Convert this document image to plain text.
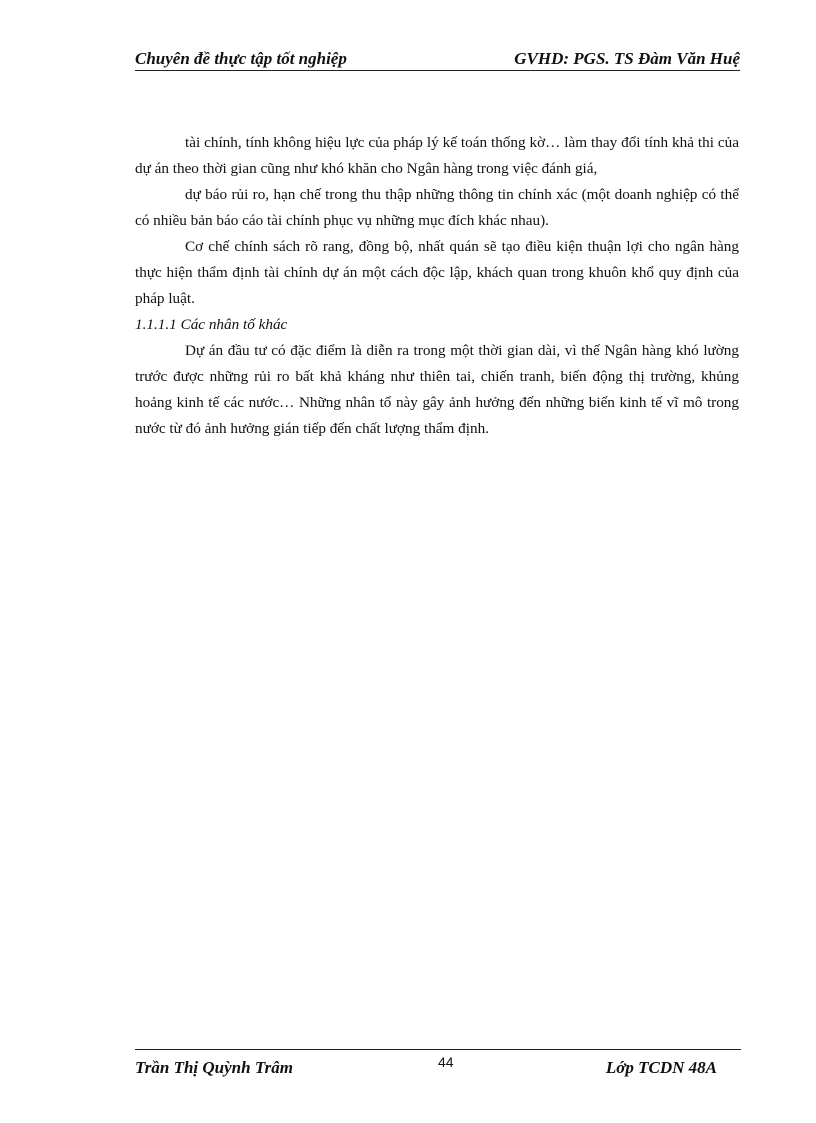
Chuyên đề thực tập tốt nghiệp	GVHD: PGS. TS Đàm Văn Huệ

tài chính, tính không hiệu lực của pháp lý kế toán thống kờ… làm thay đổi tính khả thi của dự án theo thời gian cũng như khó khăn cho Ngân hàng trong việc đánh giá,

dự báo rủi ro, hạn chế trong thu thập những thông tin chính xác (một doanh nghiệp có thể có nhiều bản báo cáo tài chính phục vụ những mục đích khác nhau).

Cơ chế chính sách rõ rang, đồng bộ, nhất quán sẽ tạo điều kiện thuận lợi cho ngân hàng thực hiện thẩm định tài chính dự án một cách độc lập, khách quan trong khuôn khổ quy định của pháp luật.

1.1.1.1 Các nhân tố khác

Dự án đầu tư có đặc điểm là diễn ra trong một thời gian dài, vì thế Ngân hàng khó lường trước được những rủi ro bất khả kháng như thiên tai, chiến tranh, biến động thị trường, khủng hoảng kinh tế các nước… Những nhân tố này gây ảnh hưởng đến những biến kinh tế vĩ mô trong nước từ đó ảnh hưởng gián tiếp đến chất lượng thẩm định.

Trần Thị Quỳnh Trâm	44	Lớp TCDN 48A
